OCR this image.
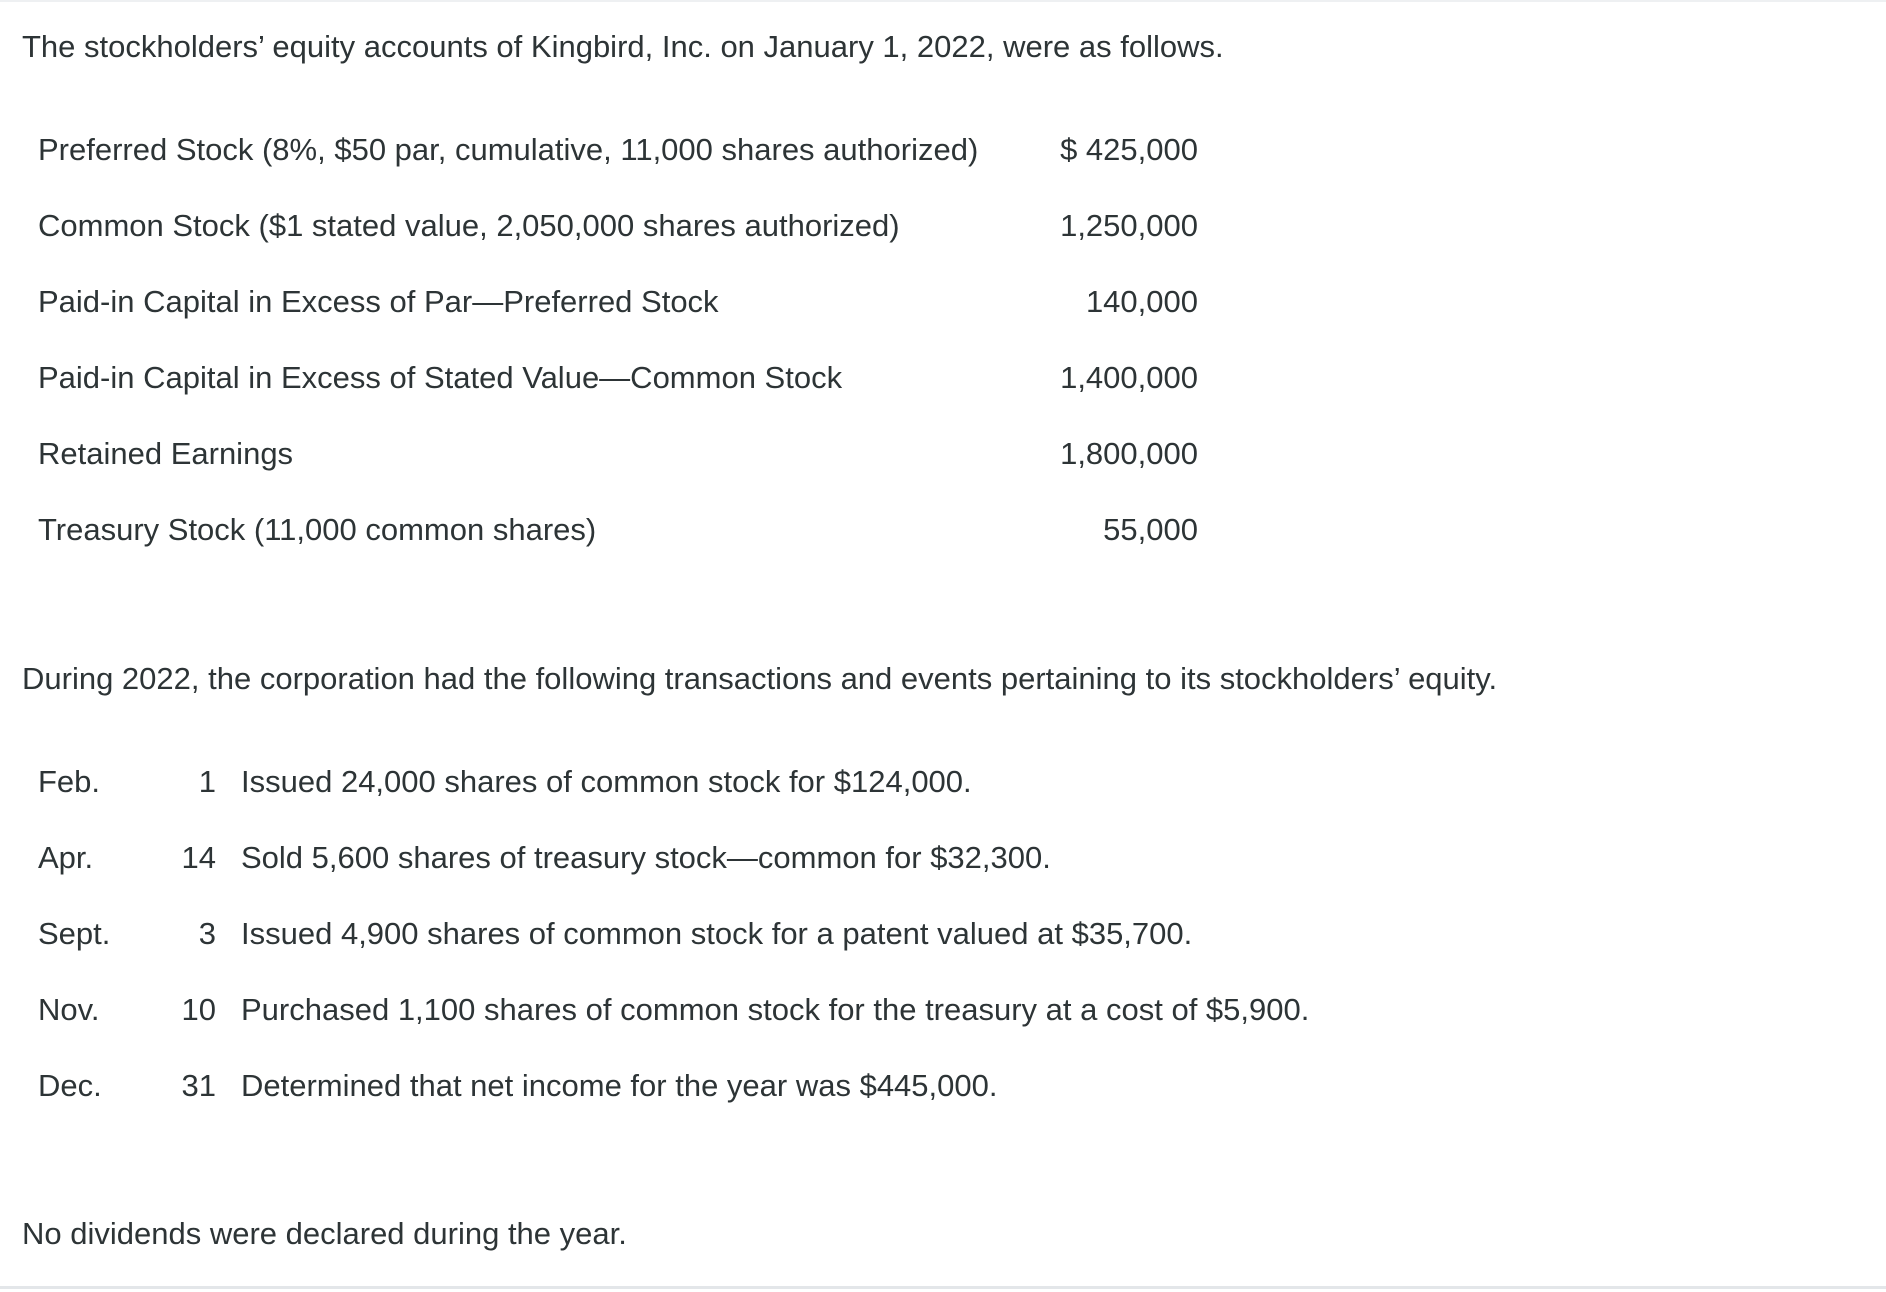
The stockholders’ equity accounts of Kingbird, Inc. on January 1, 2022, were as follows.

Preferred Stock (8%, $50 par, cumulative, 11,000 shares authorized)	$ 425,000
Common Stock ($1 stated value, 2,050,000 shares authorized)	1,250,000
Paid-in Capital in Excess of Par—Preferred Stock	140,000
Paid-in Capital in Excess of Stated Value—Common Stock	1,400,000
Retained Earnings	1,800,000
Treasury Stock (11,000 common shares)	55,000

During 2022, the corporation had the following transactions and events pertaining to its stockholders’ equity.

Feb.	1 Issued 24,000 shares of common stock for $124,000.
Apr.	14 Sold 5,600 shares of treasury stock—common for $32,300.
Sept.	3 Issued 4,900 shares of common stock for a patent valued at $35,700.
Nov.	10 Purchased 1,100 shares of common stock for the treasury at a cost of $5,900.
Dec.	31 Determined that net income for the year was $445,000.

No dividends were declared during the year.
